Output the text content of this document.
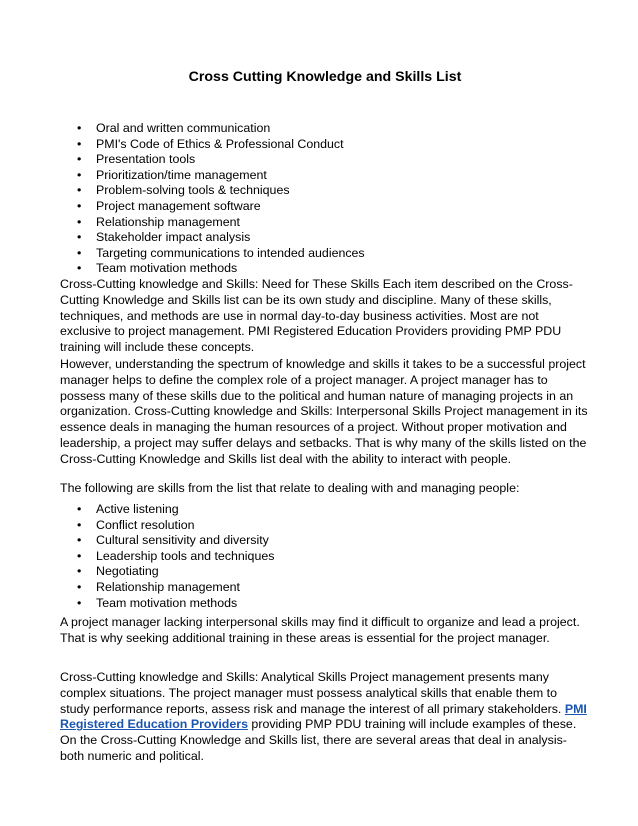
Cross Cutting Knowledge and Skills List
• Oral and written communication
• PMI's Code of Ethics & Professional Conduct
• Presentation tools
• Prioritization/time management
• Problem-solving tools & techniques
• Project management software
• Relationship management
• Stakeholder impact analysis
• Targeting communications to intended audiences
• Team motivation methods

Cross-Cutting knowledge and Skills: Need for These Skills Each item described on the Cross-Cutting Knowledge and Skills list can be its own study and discipline. Many of these skills, techniques, and methods are use in normal day-to-day business activities. Most are not exclusive to project management. PMI Registered Education Providers providing PMP PDU training will include these concepts.

However, understanding the spectrum of knowledge and skills it takes to be a successful project manager helps to define the complex role of a project manager. A project manager has to possess many of these skills due to the political and human nature of managing projects in an organization. Cross-Cutting knowledge and Skills: Interpersonal Skills Project management in its essence deals in managing the human resources of a project. Without proper motivation and leadership, a project may suffer delays and setbacks. That is why many of the skills listed on the Cross-Cutting Knowledge and Skills list deal with the ability to interact with people.

The following are skills from the list that relate to dealing with and managing people:

• Active listening
• Conflict resolution
• Cultural sensitivity and diversity
• Leadership tools and techniques
• Negotiating
• Relationship management
• Team motivation methods

A project manager lacking interpersonal skills may find it difficult to organize and lead a project. That is why seeking additional training in these areas is essential for the project manager.

Cross-Cutting knowledge and Skills: Analytical Skills Project management presents many complex situations. The project manager must possess analytical skills that enable them to study performance reports, assess risk and manage the interest of all primary stakeholders. PMI Registered Education Providers providing PMP PDU training will include examples of these. On the Cross-Cutting Knowledge and Skills list, there are several areas that deal in analysis-both numeric and political.
